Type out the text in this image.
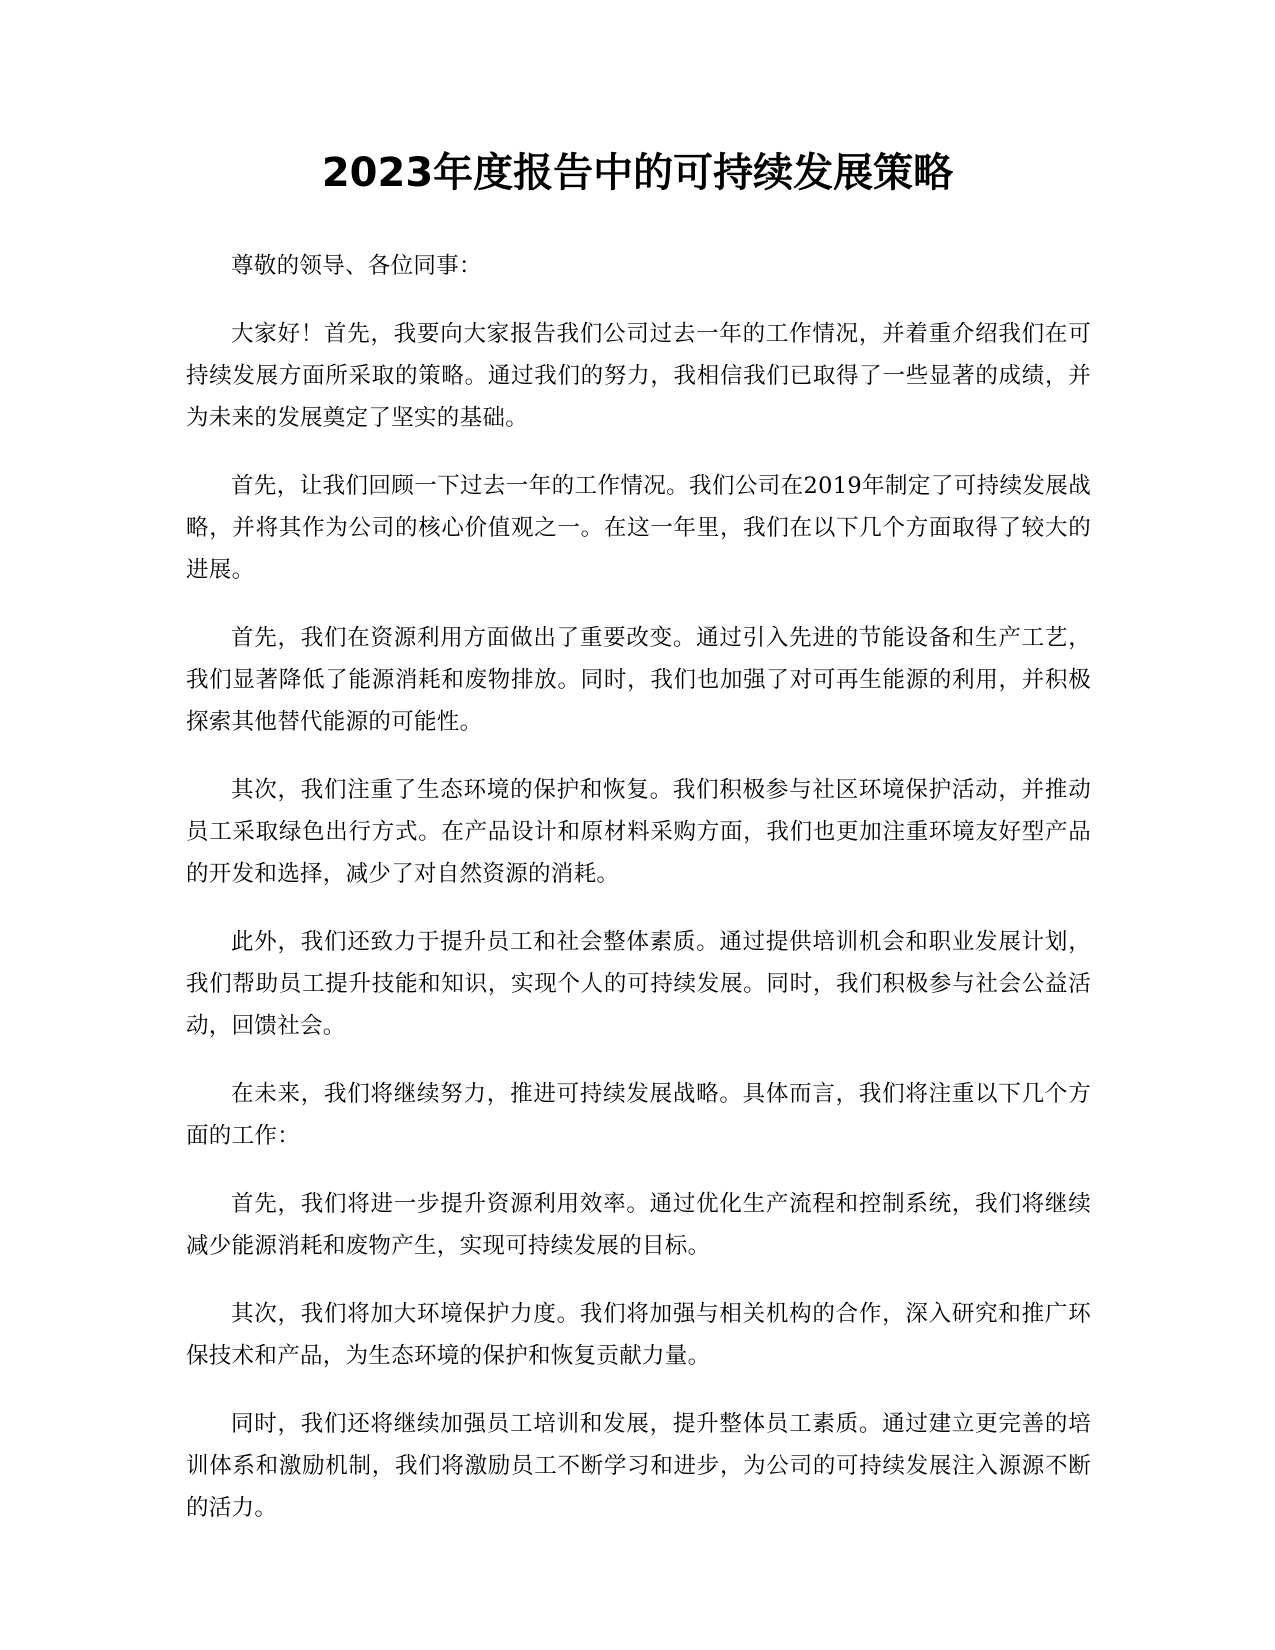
2023年度报告中的可持续发展策略

尊敬的领导、各位同事：

大家好！首先，我要向大家报告我们公司过去一年的工作情况，并着重介绍我们在可持续发展方面所采取的策略。通过我们的努力，我相信我们已取得了一些显著的成绩，并为未来的发展奠定了坚实的基础。

首先，让我们回顾一下过去一年的工作情况。我们公司在2019年制定了可持续发展战略，并将其作为公司的核心价值观之一。在这一年里，我们在以下几个方面取得了较大的进展。

首先，我们在资源利用方面做出了重要改变。通过引入先进的节能设备和生产工艺，我们显著降低了能源消耗和废物排放。同时，我们也加强了对可再生能源的利用，并积极探索其他替代能源的可能性。

其次，我们注重了生态环境的保护和恢复。我们积极参与社区环境保护活动，并推动员工采取绿色出行方式。在产品设计和原材料采购方面，我们也更加注重环境友好型产品的开发和选择，减少了对自然资源的消耗。

此外，我们还致力于提升员工和社会整体素质。通过提供培训机会和职业发展计划，我们帮助员工提升技能和知识，实现个人的可持续发展。同时，我们积极参与社会公益活动，回馈社会。

在未来，我们将继续努力，推进可持续发展战略。具体而言，我们将注重以下几个方面的工作：

首先，我们将进一步提升资源利用效率。通过优化生产流程和控制系统，我们将继续减少能源消耗和废物产生，实现可持续发展的目标。

其次，我们将加大环境保护力度。我们将加强与相关机构的合作，深入研究和推广环保技术和产品，为生态环境的保护和恢复贡献力量。

同时，我们还将继续加强员工培训和发展，提升整体员工素质。通过建立更完善的培训体系和激励机制，我们将激励员工不断学习和进步，为公司的可持续发展注入源源不断的活力。
